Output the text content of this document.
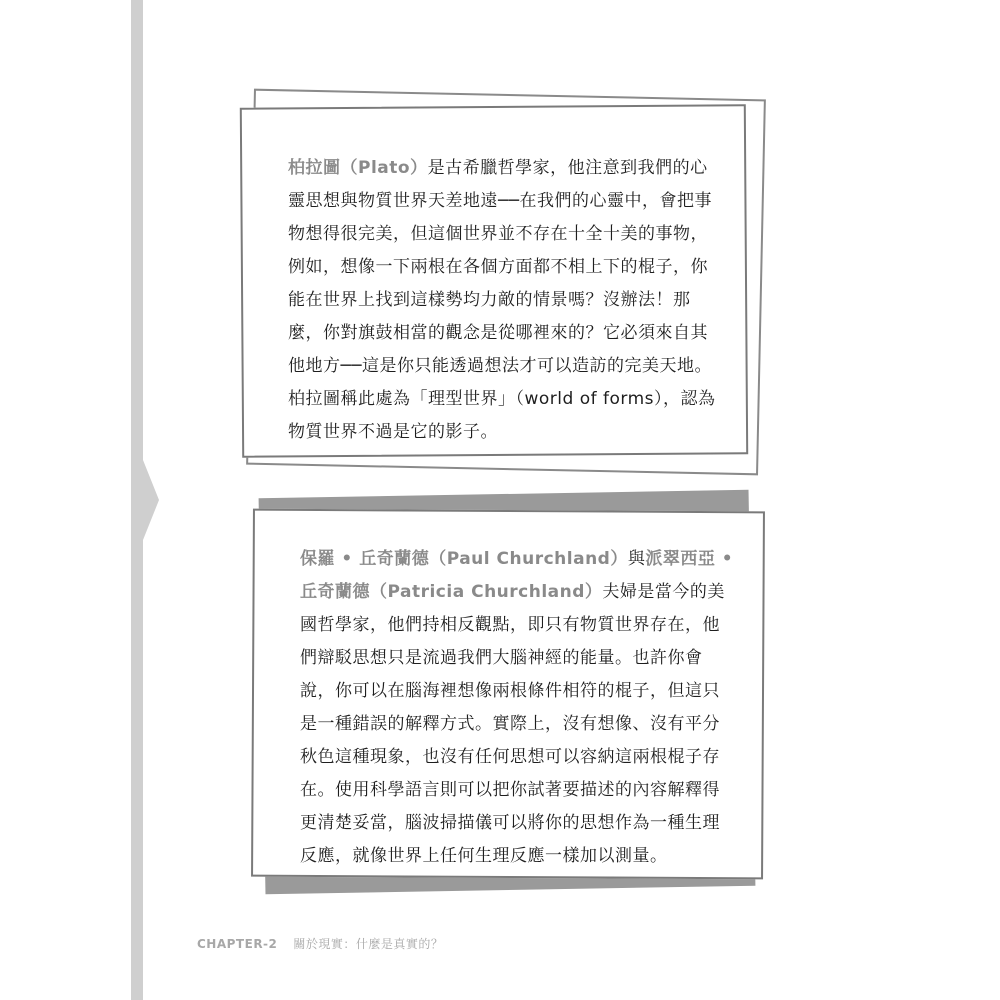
柏拉圖（Plato）是古希臘哲學家，他注意到我們的心靈思想與物質世界天差地遠──在我們的心靈中，會把事物想得很完美，但這個世界並不存在十全十美的事物，例如，想像一下兩根在各個方面都不相上下的棍子，你能在世界上找到這樣勢均力敵的情景嗎？沒辦法！那麼，你對旗鼓相當的觀念是從哪裡來的？它必須來自其他地方──這是你只能透過想法才可以造訪的完美天地。柏拉圖稱此處為「理型世界」（world of forms），認為物質世界不過是它的影子。
保羅 • 丘奇蘭德（Paul Churchland）與派翠西亞 • 丘奇蘭德（Patricia Churchland）夫婦是當今的美國哲學家，他們持相反觀點，即只有物質世界存在，他們辯駁思想只是流過我們大腦神經的能量。也許你會說，你可以在腦海裡想像兩根條件相符的棍子，但這只是一種錯誤的解釋方式。實際上，沒有想像、沒有平分秋色這種現象，也沒有任何思想可以容納這兩根棍子存在。使用科學語言則可以把你試著要描述的內容解釋得更清楚妥當，腦波掃描儀可以將你的思想作為一種生理反應，就像世界上任何生理反應一樣加以測量。
CHAPTER-2 關於現實：什麼是真實的？
